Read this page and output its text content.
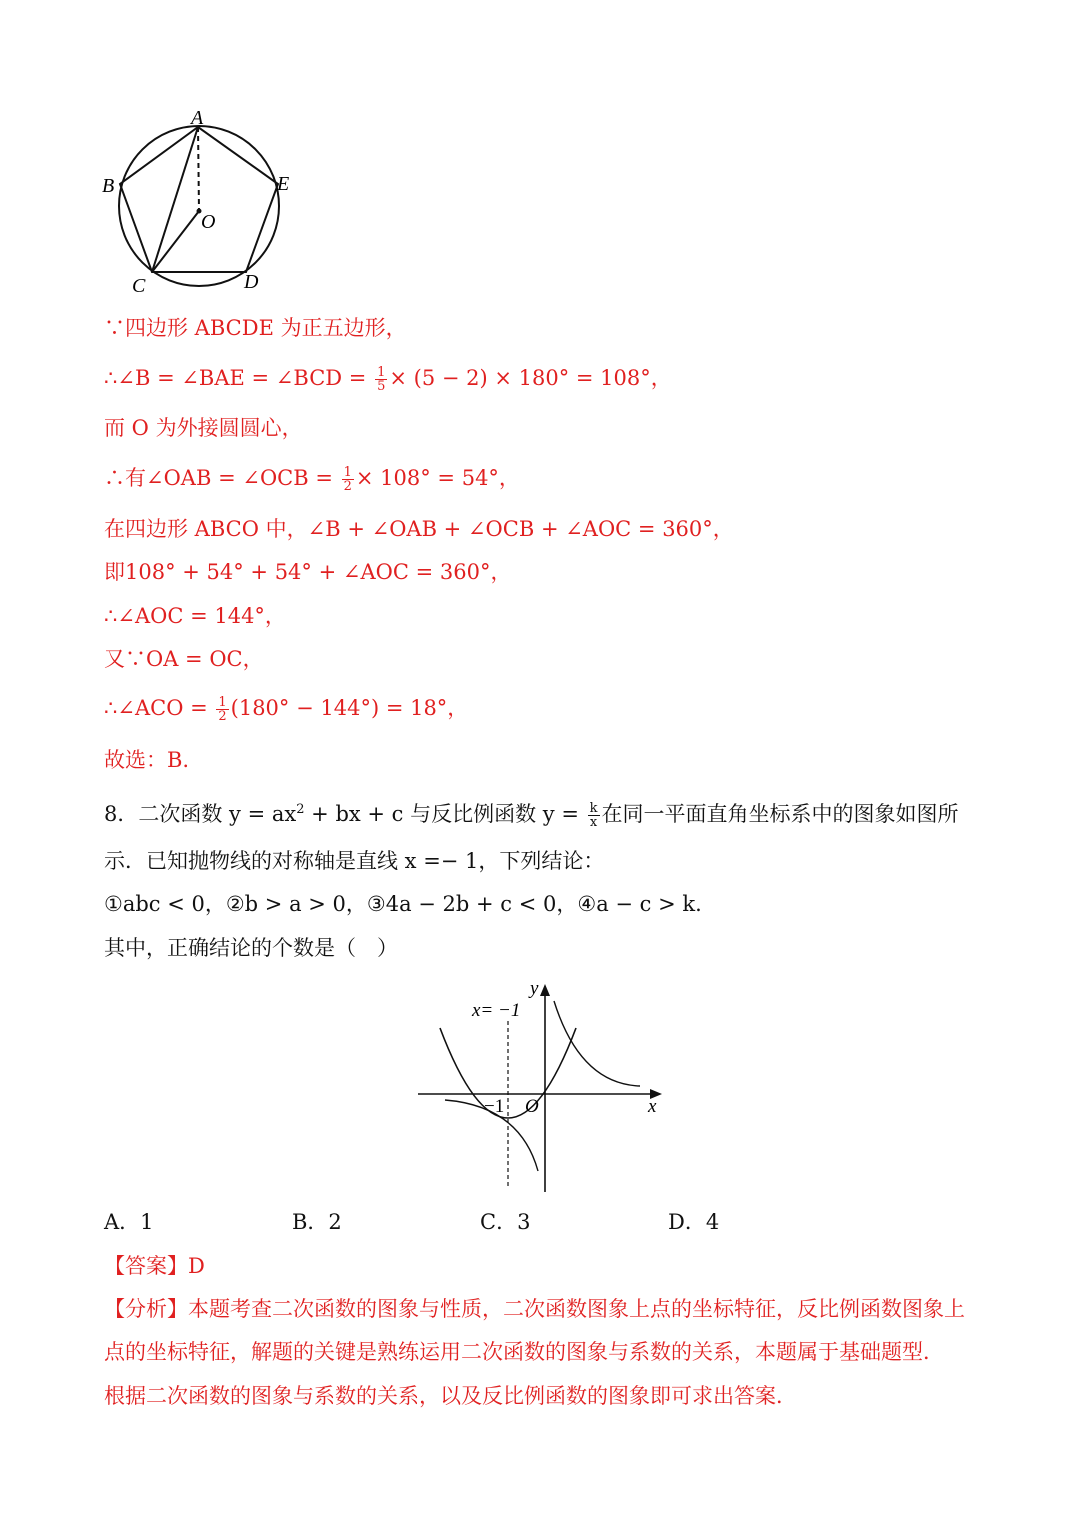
A
B
C	D
E
O
∵四边形 ABCDE 为正五边形，
∴∠B = ∠BAE = ∠BCD = $\frac{1}{5} \times (5 - 2) \times 180^\circ = 108^\circ$，
而 O 为外接圆圆心，
∴有∠OAB = ∠OCB = $\frac{1}{2} \times 108^\circ = 54^\circ$，
在四边形 ABCO 中，∠B + ∠OAB + ∠OCB + ∠AOC = 360°，
即108° + 54° + 54° + ∠AOC = 360°，
∴∠AOC = 144°，
又∵OA = OC，
∴∠ACO = $\frac{1}{2} (180^\circ - 144^\circ) = 18^\circ$，
故选：B.
8．二次函数 $y = ax^2$ + bx + c 与反比例函数 $y = \frac{k}{x}$ 在同一平面直角坐标系中的图象如图所
示．已知抛物线的对称轴是直线 x =− 1，下列结论：
①abc < 0，②b > a > 0，③4a − 2b + c < 0，④a − c > k.
其中，正确结论的个数是（　）
x= −1
y
x
O
−1
A．1	B．2	C．3	D．4
【答案】D
【分析】本题考查二次函数的图象与性质，二次函数图象上点的坐标特征，反比例函数图象上
点的坐标特征，解题的关键是熟练运用二次函数的图象与系数的关系，本题属于基础题型．
根据二次函数的图象与系数的关系，以及反比例函数的图象即可求出答案．
